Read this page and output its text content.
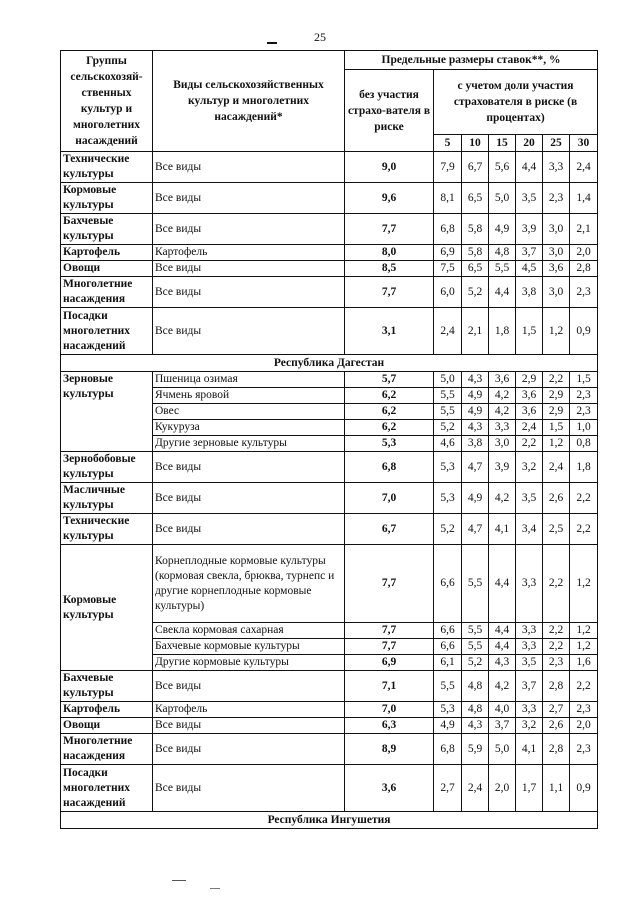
25
Группы сельскохозяй-ственных культур и многолетних насаждений	Виды сельскохозяйственных культур и многолетних насаждений*	Предельные размеры ставок**, %						
		без участия страхо-вателя в риске	с учетом доли участия страхователя в риске (в процентах)					
			5	10	15	20	25	30
Технические культуры	Все виды	9,0	7,9	6,7	5,6	4,4	3,3	2,4
Кормовые культуры	Все виды	9,6	8,1	6,5	5,0	3,5	2,3	1,4
Бахчевые культуры	Все виды	7,7	6,8	5,8	4,9	3,9	3,0	2,1
Картофель	Картофель	8,0	6,9	5,8	4,8	3,7	3,0	2,0
Овощи	Все виды	8,5	7,5	6,5	5,5	4,5	3,6	2,8
Многолетние насаждения	Все виды	7,7	6,0	5,2	4,4	3,8	3,0	2,3
Посадки многолетних насаждений	Все виды	3,1	2,4	2,1	1,8	1,5	1,2	0,9
Республика Дагестан								
Зерновые культуры	Пшеница озимая	5,7	5,0	4,3	3,6	2,9	2,2	1,5
	Ячмень яровой	6,2	5,5	4,9	4,2	3,6	2,9	2,3
	Овес	6,2	5,5	4,9	4,2	3,6	2,9	2,3
	Кукуруза	6,2	5,2	4,3	3,3	2,4	1,5	1,0
	Другие зерновые культуры	5,3	4,6	3,8	3,0	2,2	1,2	0,8
Зернобобовые культуры	Все виды	6,8	5,3	4,7	3,9	3,2	2,4	1,8
Масличные культуры	Все виды	7,0	5,3	4,9	4,2	3,5	2,6	2,2
Технические культуры	Все виды	6,7	5,2	4,7	4,1	3,4	2,5	2,2
Кормовые культуры	Корнеплодные кормовые культуры (кормовая свекла, брюква, турнепс и другие корнеплодные кормовые культуры)	7,7	6,6	5,5	4,4	3,3	2,2	1,2
	Свекла кормовая сахарная	7,7	6,6	5,5	4,4	3,3	2,2	1,2
	Бахчевые кормовые культуры	7,7	6,6	5,5	4,4	3,3	2,2	1,2
	Другие кормовые культуры	6,9	6,1	5,2	4,3	3,5	2,3	1,6
Бахчевые культуры	Все виды	7,1	5,5	4,8	4,2	3,7	2,8	2,2
Картофель	Картофель	7,0	5,3	4,8	4,0	3,3	2,7	2,3
Овощи	Все виды	6,3	4,9	4,3	3,7	3,2	2,6	2,0
Многолетние насаждения	Все виды	8,9	6,8	5,9	5,0	4,1	2,8	2,3
Посадки многолетних насаждений	Все виды	3,6	2,7	2,4	2,0	1,7	1,1	0,9
Республика Ингушетия								
